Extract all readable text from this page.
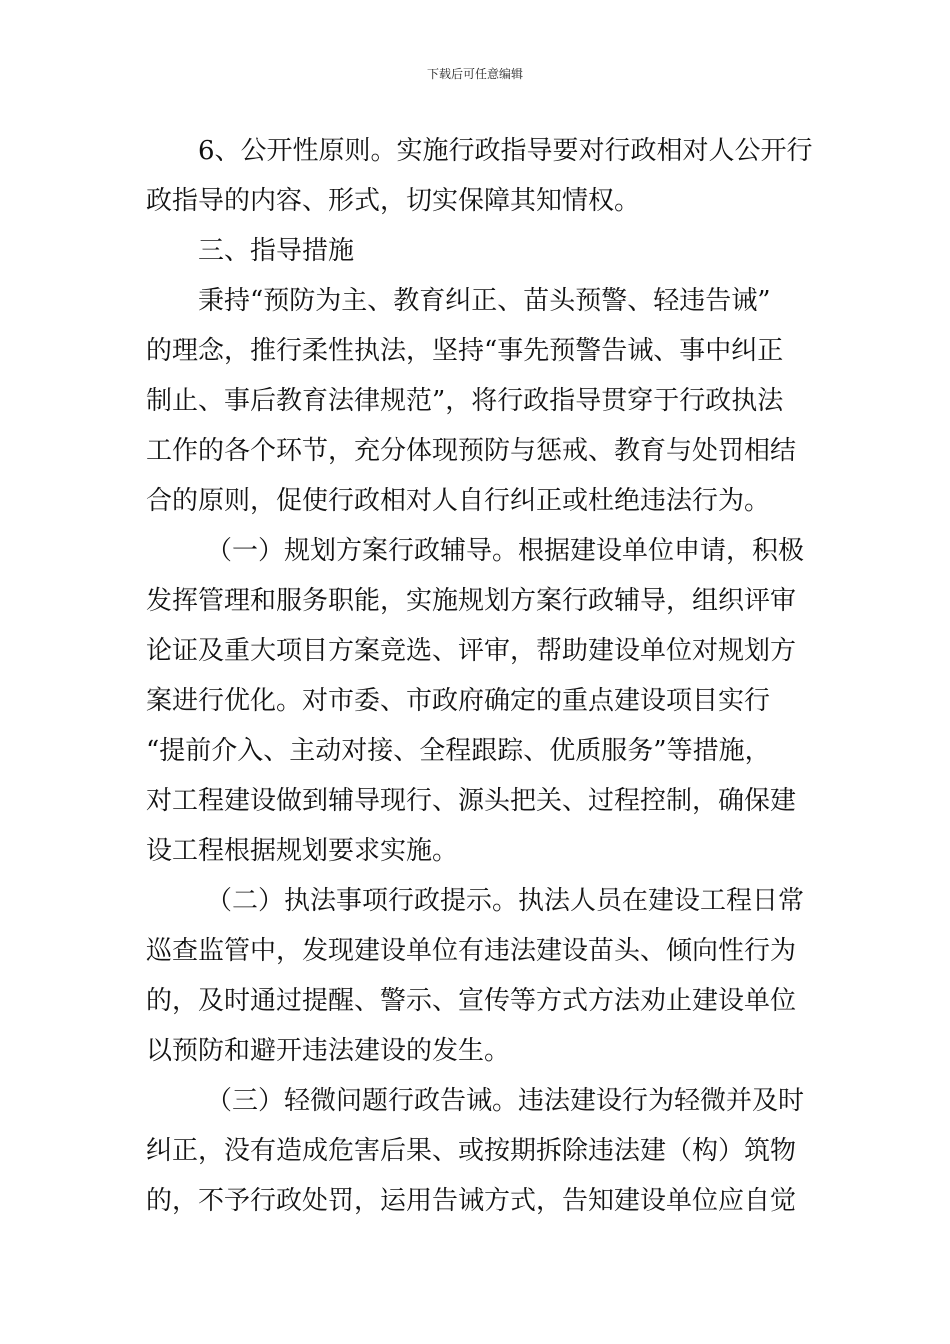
下载后可任意编辑
6、公开性原则。实施行政指导要对行政相对人公开行
政指导的内容、形式，切实保障其知情权。
三、指导措施
秉持“预防为主、教育纠正、苗头预警、轻违告诫”
的理念，推行柔性执法，坚持“事先预警告诫、事中纠正
制止、事后教育法律规范”，将行政指导贯穿于行政执法
工作的各个环节，充分体现预防与惩戒、教育与处罚相结
合的原则，促使行政相对人自行纠正或杜绝违法行为。
（一）规划方案行政辅导。根据建设单位申请，积极
发挥管理和服务职能，实施规划方案行政辅导，组织评审
论证及重大项目方案竞选、评审，帮助建设单位对规划方
案进行优化。对市委、市政府确定的重点建设项目实行
“提前介入、主动对接、全程跟踪、优质服务”等措施，
对工程建设做到辅导现行、源头把关、过程控制，确保建
设工程根据规划要求实施。
（二）执法事项行政提示。执法人员在建设工程日常
巡查监管中，发现建设单位有违法建设苗头、倾向性行为
的，及时通过提醒、警示、宣传等方式方法劝止建设单位
以预防和避开违法建设的发生。
（三）轻微问题行政告诫。违法建设行为轻微并及时
纠正，没有造成危害后果、或按期拆除违法建（构）筑物
的，不予行政处罚，运用告诫方式，告知建设单位应自觉
